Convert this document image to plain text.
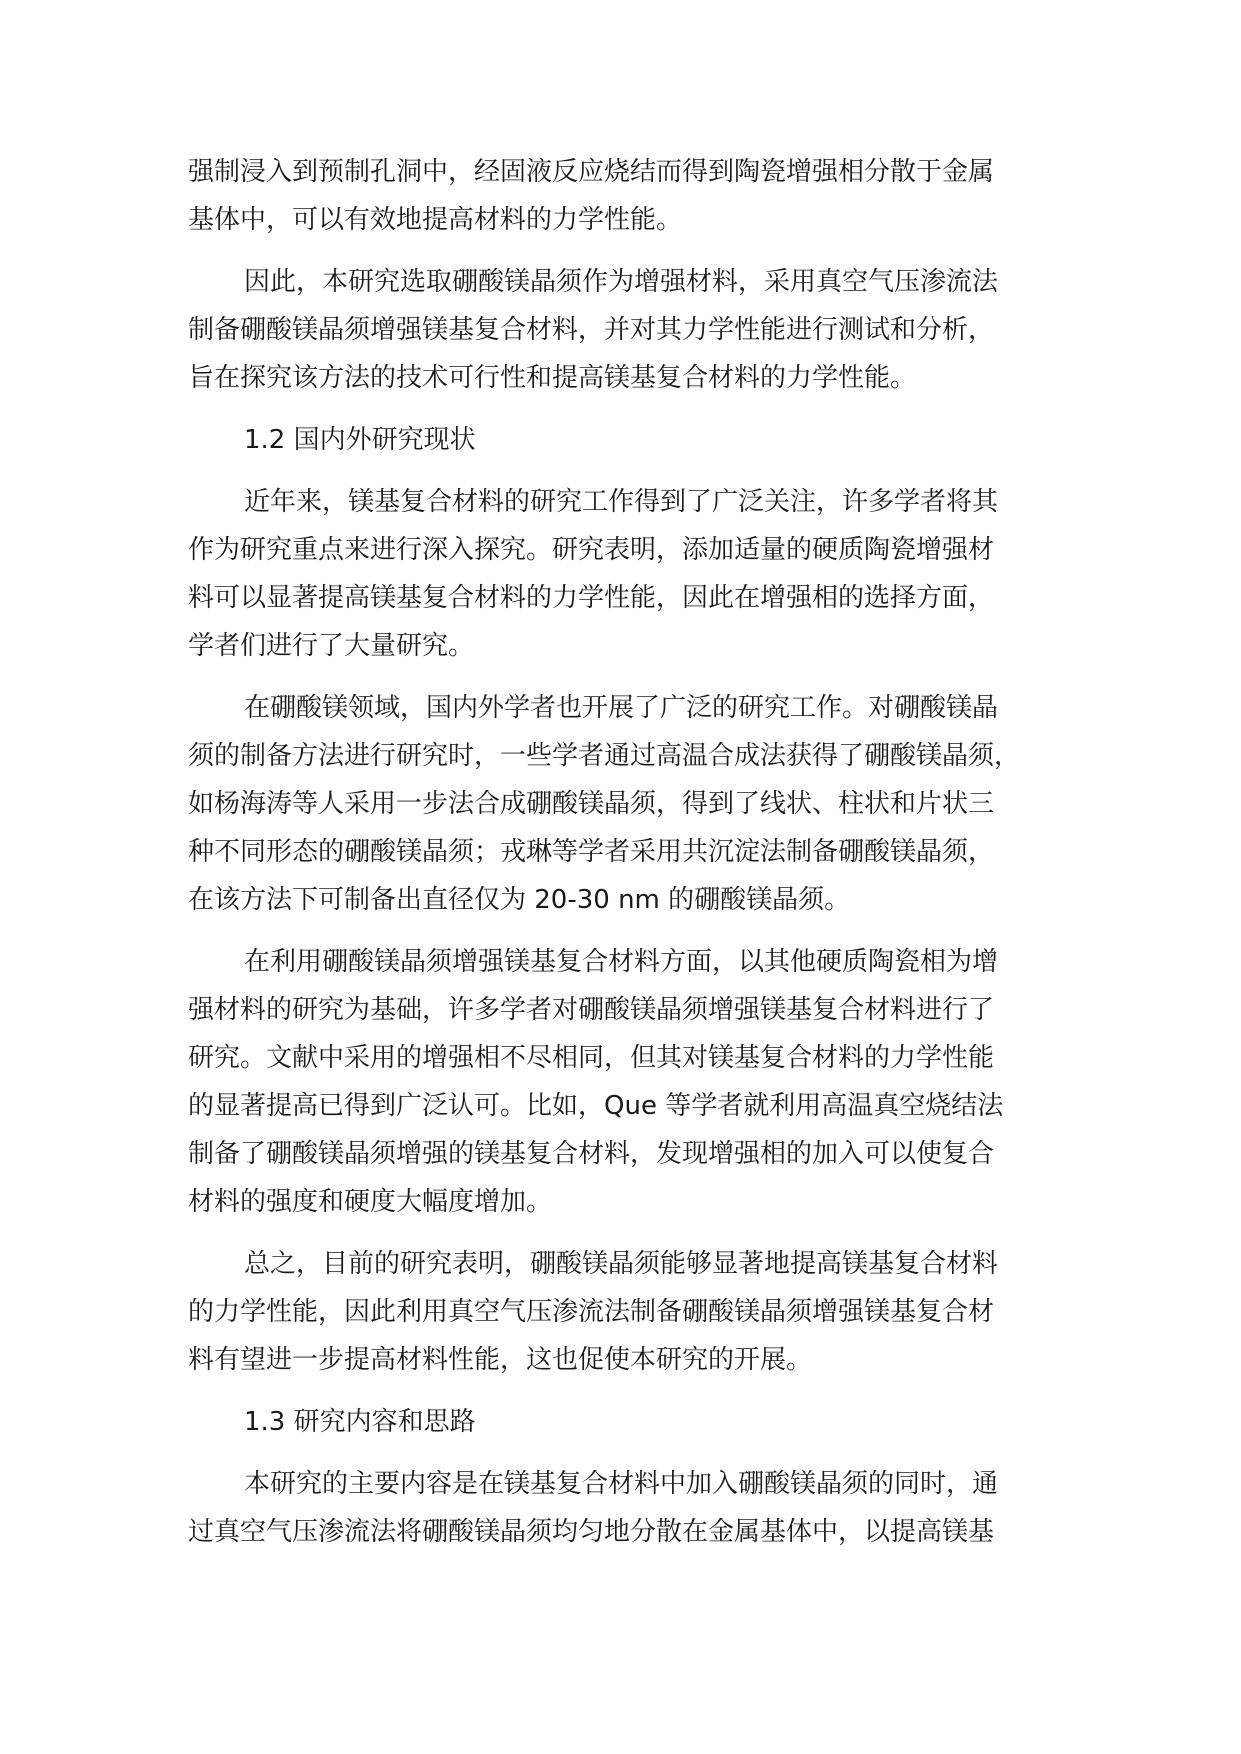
强制浸入到预制孔洞中，经固液反应烧结而得到陶瓷增强相分散于金属
基体中，可以有效地提高材料的力学性能。
因此，本研究选取硼酸镁晶须作为增强材料，采用真空气压渗流法
制备硼酸镁晶须增强镁基复合材料，并对其力学性能进行测试和分析，
旨在探究该方法的技术可行性和提高镁基复合材料的力学性能。
1.2 国内外研究现状
近年来，镁基复合材料的研究工作得到了广泛关注，许多学者将其
作为研究重点来进行深入探究。研究表明，添加适量的硬质陶瓷增强材
料可以显著提高镁基复合材料的力学性能，因此在增强相的选择方面，
学者们进行了大量研究。
在硼酸镁领域，国内外学者也开展了广泛的研究工作。对硼酸镁晶
须的制备方法进行研究时，一些学者通过高温合成法获得了硼酸镁晶须，
如杨海涛等人采用一步法合成硼酸镁晶须，得到了线状、柱状和片状三
种不同形态的硼酸镁晶须；戎琳等学者采用共沉淀法制备硼酸镁晶须，
在该方法下可制备出直径仅为 20-30 nm 的硼酸镁晶须。
在利用硼酸镁晶须增强镁基复合材料方面，以其他硬质陶瓷相为增
强材料的研究为基础，许多学者对硼酸镁晶须增强镁基复合材料进行了
研究。文献中采用的增强相不尽相同，但其对镁基复合材料的力学性能
的显著提高已得到广泛认可。比如，Que 等学者就利用高温真空烧结法
制备了硼酸镁晶须增强的镁基复合材料，发现增强相的加入可以使复合
材料的强度和硬度大幅度增加。
总之，目前的研究表明，硼酸镁晶须能够显著地提高镁基复合材料
的力学性能，因此利用真空气压渗流法制备硼酸镁晶须增强镁基复合材
料有望进一步提高材料性能，这也促使本研究的开展。
1.3 研究内容和思路
本研究的主要内容是在镁基复合材料中加入硼酸镁晶须的同时，通
过真空气压渗流法将硼酸镁晶须均匀地分散在金属基体中，以提高镁基
